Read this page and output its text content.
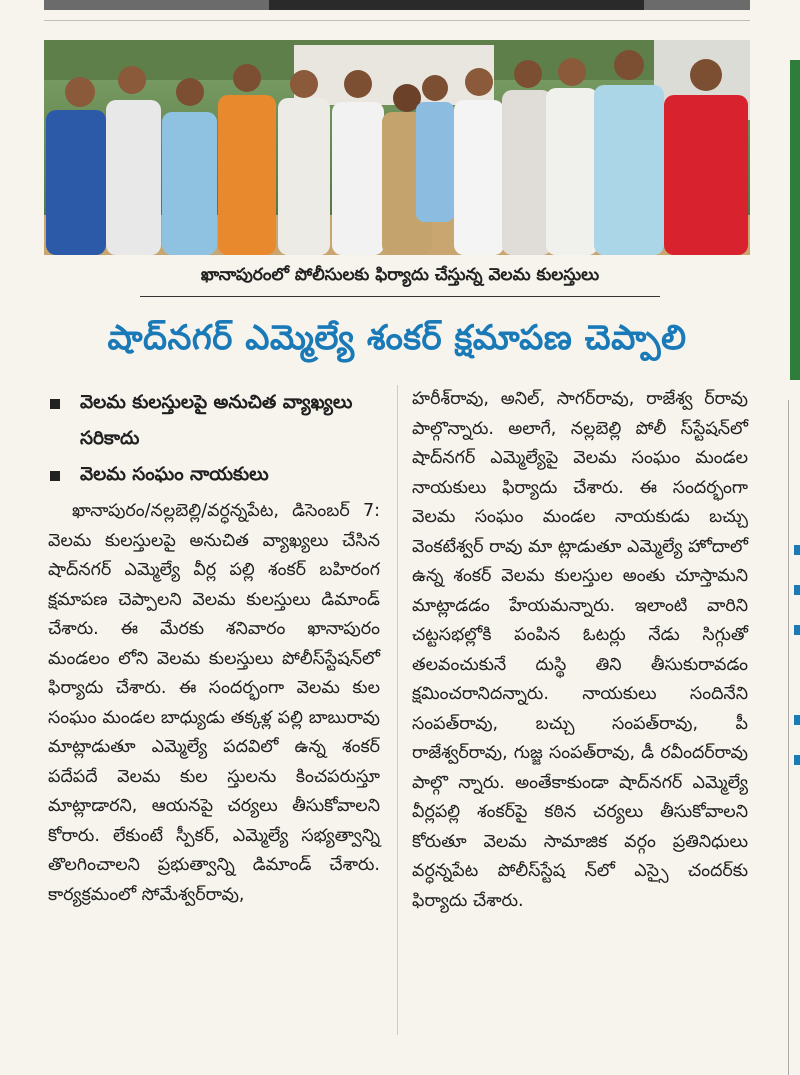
ఖానాపురంలో పోలీసులకు ఫిర్యాదు చేస్తున్న వెలమ కులస్తులు
షాద్‌నగర్ ఎమ్మెల్యే శంకర్ క్షమాపణ చెప్పాలి
వెలమ కులస్తులపై అనుచిత వ్యాఖ్యలు సరికాదు
వెలమ సంఘం నాయకులు
ఖానాపురం/నల్లబెల్లి/వర్ధన్నపేట, డిసెంబర్ 7: వెలమ కులస్తులపై అనుచిత వ్యాఖ్యలు చేసిన షాద్‌నగర్ ఎమ్మెల్యే వీర్ల పల్లి శంకర్ బహిరంగ క్షమాపణ చెప్పాలని వెలమ కులస్తులు డిమాండ్ చేశారు. ఈ మేరకు శనివారం ఖానాపురం మండలం లోని వెలమ కులస్తులు పోలీస్‌స్టేషన్‌లో ఫిర్యాదు చేశారు. ఈ సందర్భంగా వెలమ కుల సంఘం మండల బాధ్యుడు తక్కళ్ల పల్లి బాబురావు మాట్లాడుతూ ఎమ్మెల్యే పదవిలో ఉన్న శంకర్ పదేపదే వెలమ కుల స్తులను కించపరుస్తూ మాట్లాడారని, ఆయనపై చర్యలు తీసుకోవాలని కోరారు. లేకుంటే స్పీకర్, ఎమ్మెల్యే సభ్యత్వాన్ని తొలగించాలని ప్రభుత్వాన్ని డిమాండ్ చేశారు. కార్యక్రమంలో సోమేశ్వర్‌రావు,
హరీశ్‌రావు, అనిల్, సాగర్‌రావు, రాజేశ్వ ర్‌రావు పాల్గొన్నారు. అలాగే, నల్లబెల్లి పోలీ స్‌స్టేషన్‌లో షాద్‌నగర్ ఎమ్మెల్యేపై వెలమ సంఘం మండల నాయకులు ఫిర్యాదు చేశారు. ఈ సందర్భంగా వెలమ సంఘం మండల నాయకుడు బచ్చు వెంకటేశ్వర్ రావు మా ట్లాడుతూ ఎమ్మెల్యే హోదాలో ఉన్న శంకర్ వెలమ కులస్తుల అంతు చూస్తామని మాట్లాడడం హేయమన్నారు. ఇలాంటి వారిని చట్టసభల్లోకి పంపిన ఓటర్లు నేడు సిగ్గుతో తలవంచుకునే దుస్థి తిని తీసుకురావడం క్షమించరానిదన్నారు. నాయకులు సందినేని సంపత్‌రావు, బచ్చు సంపత్‌రావు, పీ రాజేశ్వర్‌రావు, గుజ్జ సంపత్‌రావు, డీ రవీందర్‌రావు పాల్గొ న్నారు. అంతేకాకుండా షాద్‌నగర్ ఎమ్మెల్యే వీర్లపల్లి శంకర్‌పై కఠిన చర్యలు తీసుకోవాలని కోరుతూ వెలమ సామాజిక వర్గం ప్రతినిధులు వర్ధన్నపేట పోలీస్‌స్టేష న్‌లో ఎస్సై చందర్‌కు ఫిర్యాదు చేశారు.
